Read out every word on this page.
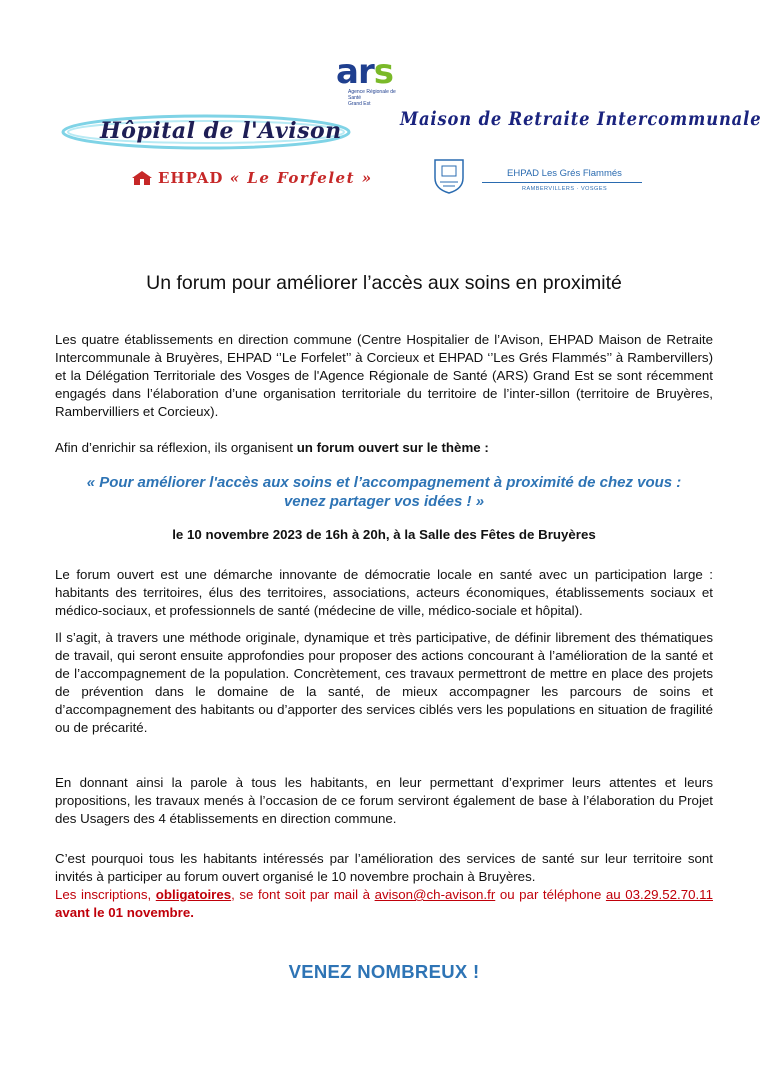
ars
Agence Régionale de Santé
Grand Est
Hôpital de l'Avison	Maison de Retraite Intercommunale
EHPAD « Le Forfelet »	EHPAD Les Grés Flammés
RAMBERVILLERS · VOSGES
Un forum pour améliorer l’accès aux soins en proximité

Les quatre établissements en direction commune (Centre Hospitalier de l’Avison, EHPAD Maison de Retraite Intercommunale à Bruyères, EHPAD ‘’Le Forfelet’’ à Corcieux et EHPAD ‘’Les Grés Flammés’’ à Rambervillers) et la Délégation Territoriale des Vosges de l'Agence Régionale de Santé (ARS) Grand Est se sont récemment engagés dans l’élaboration d’une organisation territoriale du territoire de l’inter-sillon (territoire de Bruyères, Rambervilliers et Corcieux).

Afin d’enrichir sa réflexion, ils organisent un forum ouvert sur le thème :

« Pour améliorer l'accès aux soins et l’accompagnement à proximité de chez vous :
venez partager vos idées ! »

le 10 novembre 2023 de 16h à 20h, à la Salle des Fêtes de Bruyères

Le forum ouvert est une démarche innovante de démocratie locale en santé avec un participation large : habitants des territoires, élus des territoires, associations, acteurs économiques, établissements sociaux et médico-sociaux, et professionnels de santé (médecine de ville, médico-sociale et hôpital).

Il s’agit, à travers une méthode originale, dynamique et très participative, de définir librement des thématiques de travail, qui seront ensuite approfondies pour proposer des actions concourant à l’amélioration de la santé et de l’accompagnement de la population. Concrètement, ces travaux permettront de mettre en place des projets de prévention dans le domaine de la santé, de mieux accompagner les parcours de soins et d’accompagnement des habitants ou d’apporter des services ciblés vers les populations en situation de fragilité ou de précarité.

En donnant ainsi la parole à tous les habitants, en leur permettant d’exprimer leurs attentes et leurs propositions, les travaux menés à l’occasion de ce forum serviront également de base à l’élaboration du Projet des Usagers des 4 établissements en direction commune.

C’est pourquoi tous les habitants intéressés par l’amélioration des services de santé sur leur territoire sont invités à participer au forum ouvert organisé le 10 novembre prochain à Bruyères.
Les inscriptions, obligatoires, se font soit par mail à avison@ch-avison.fr ou par téléphone au 03.29.52.70.11 avant le 01 novembre.

VENEZ NOMBREUX !
